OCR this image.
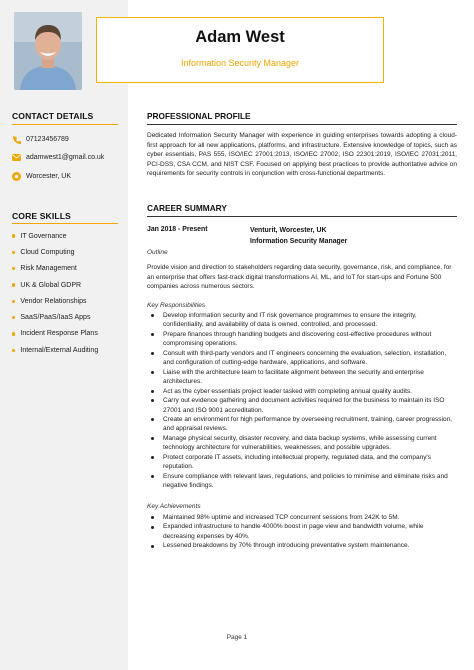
CONTACT DETAILS
07123456789
adamwest1@gmail.co.uk
Worcester, UK
CORE SKILLS
IT Governance
Cloud Computing
Risk Management
UK & Global GDPR
Vendor Relationships
SaaS/PaaS/IaaS Apps
Incident Response Plans
Internal/External Auditing
Adam West
Information Security Manager
PROFESSIONAL PROFILE
Dedicated Information Security Manager with experience in guiding enterprises towards adopting a cloud-first approach for all new applications, platforms, and infrastructure. Extensive knowledge of topics, such as cyber essentials, PAS 555, ISO/IEC 27001:2013, ISO/IEC 27002, ISO 22301:2019, ISO/IEC 27031:2011, PCI-DSS, CSA CCM, and NIST CSF. Focused on applying best practices to provide authoritative advice on requirements for security controls in conjunction with cross-functional departments.
CAREER SUMMARY
Jan 2018 - Present	Venturit, Worcester, UK
Information Security Manager
Outline
Provide vision and direction to stakeholders regarding data security, governance, risk, and compliance, for an enterprise that offers fast-track digital transformations AI, ML, and IoT for start-ups and Fortune 500 companies across numerous sectors.
Key Responsibilities
Develop information security and IT risk governance programmes to ensure the integrity, confidentiality, and availability of data is owned, controlled, and processed.
Prepare finances through handling budgets and discovering cost-effective procedures without compromising operations.
Consult with third-party vendors and IT engineers concerning the evaluation, selection, installation, and configuration of cutting-edge hardware, applications, and software.
Liaise with the architecture team to facilitate alignment between the security and enterprise architectures.
Act as the cyber essentials project leader tasked with completing annual quality audits.
Carry out evidence gathering and document activities required for the business to maintain its ISO 27001 and ISO 9001 accreditation.
Create an environment for high performance by overseeing recruitment, training, career progression, and appraisal reviews.
Manage physical security, disaster recovery, and data backup systems, while assessing current technology architecture for vulnerabilities, weaknesses, and possible upgrades.
Protect corporate IT assets, including intellectual property, regulated data, and the company's reputation.
Ensure compliance with relevant laws, regulations, and policies to minimise and eliminate risks and negative findings.
Key Achievements
Maintained 98% uptime and increased TCP concurrent sessions from 242K to 5M.
Expanded infrastructure to handle 4000% boost in page view and bandwidth volume, while decreasing expenses by 40%.
Lessened breakdowns by 70% through introducing preventative system maintenance.
Page 1
